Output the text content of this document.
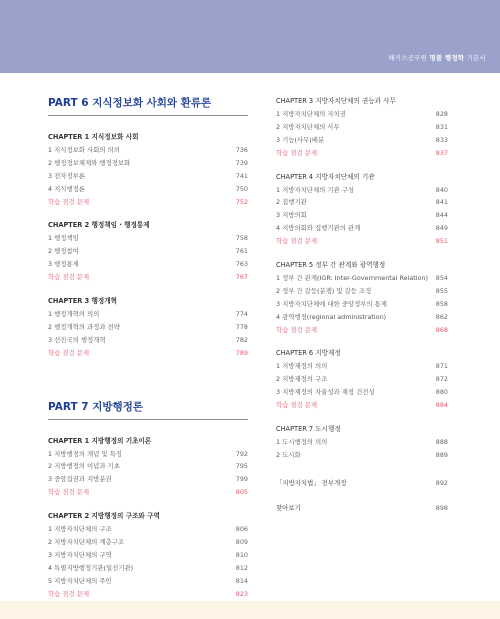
해커스공무원 명품 행정학 기본서
PART 6 지식정보화 사회와 환류론
CHAPTER 1 지식정보화 사회
1 지식정보화 사회의 의의	736
2 행정정보체제와 행정정보화	739
3 전자정부론	741
4 지식행정론	750
학습 점검 문제	752
CHAPTER 2 행정책임 · 행정통제
1 행정책임	758
2 행정참여	761
3 행정통제	763
학습 점검 문제	767
CHAPTER 3 행정개혁
1 행정개혁의 의의	774
2 행정개혁의 과정과 전략	778
3 선진국의 행정개혁	782
학습 점검 문제	789
PART 7 지방행정론
CHAPTER 1 지방행정의 기초이론
1 지방행정의 개념 및 특징	792
2 지방행정의 이념과 기초	795
3 중앙집권과 지방분권	799
학습 점검 문제	805
CHAPTER 2 지방행정의 구조와 구역
1 지방자치단체의 구조	806
2 지방자치단체의 계층구조	809
3 지방자치단체의 구역	810
4 특별지방행정기관(일선기관)	812
5 지방자치단체의 주민	814
학습 점검 문제	823
CHAPTER 3 지방자치단체의 권능과 사무
1 지방자치단체의 자치권	828
2 지방자치단체의 사무	831
3 기능(사무)배분	833
학습 점검 문제	837
CHAPTER 4 지방자치단체의 기관
1 지방자치단체의 기관 구성	840
2 집행기관	841
3 지방의회	844
4 지방의회와 집행기관의 관계	849
학습 점검 문제	851
CHAPTER 5 정부 간 관계와 광역행정
1 정부 간 관계(IGR: Inter-Governmental Relation) 854
2 정부 간 갈등(분쟁) 및 갈등 조정	855
3 지방자치단체에 대한 중앙정부의 통제	858
4 광역행정(regional administration)	862
학습 점검 문제	868
CHAPTER 6 지방재정
1 지방재정의 의의	871
2 지방재정의 구조	872
3 지방재정의 자율성과 재정 건전성	880
학습 점검 문제	884
CHAPTER 7 도시행정
1 도시행정의 의의	888
2 도시화	889
「지방자치법」 전부개정	892
찾아보기	898
